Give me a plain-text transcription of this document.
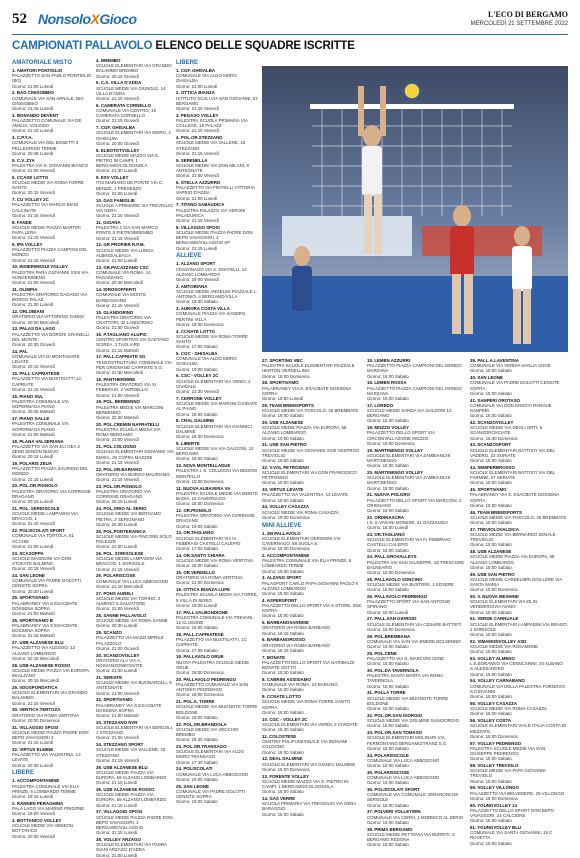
52 NonsoloXGioco	L'ECO DI BERGAMO
MERCOLEDÌ 21 SETTEMBRE 2022
CAMPIONATI PALLAVOLO ELENCO DELLE SQUADRE ISCRITTE
AMATORIALE MISTO
1. AMATORI PONTIGLIO
PALAZZETTO SAN PAOLO PONTIGLIO (BG)
Giorno: 21:00 Lunedì
2. BAG CINISOBBIO
COMUNALE VIA SAN ARNALE, BIG GINISOBBIO
Giorno: 21:15 Lunedì
3. BONANDO DEVENT
PALAZZETTO COMUNALE VIA DE AMICIS, VOLDISO
Giorno: 21:15 Lunedì
4. C.P.T.A.
COMUNALE VIA DEL BOSETTI 3 PELLEGRINO TERME
Giorno: 20:45 Lunedì
5. C.V. ZYA
PALESTRA VIA S. GIOVANNI BIANCO
Giorno: 21:00 Venerdì
6. CCASE LOTTO
SCUOLE MEDIE VIA ROMA TORRE SANTO
Giorno: 20:15 Venerdì
7. CU VOLLEY 2C
PALAZZETTO VIA MARCO BIAGI CALCINATE
Giorno: 21:15 Venerdì
8. FANDE
SCUOLE MEDIE PIAZZA MARTIRI PARA LERA
Giorno: 21:15 Venerdì
9. IPA VOLLEY
PALAZZETTO PIAZZA CAMPONI DEL MONDO
Giorno: 21:15 Venerdì
10. INSIERMISSUI VOLLEY
PALESTRA PARA GIOVANNI XXIII VIA SUNGERIMENO
Giorno: 21:00 Venerdì
11. OLIMPIA
PALESTRA ORATORIO GAGANO VIA BORGO PALAZ
Giorno: 21:30 Lunedì
12. ORLOBIANI
ORATORIO VIA VITTORINO ZADINI
Giorno: 20:00 Mercoledì
13. PALAS DA LAGO
PALAZZETTO VIA BORGHI GRANELLI DEL MONTE
Giorno: 20:30 Giovedì
14. PAL
COMUNALE VIA DI MONTANARE LEUATE
Giorno: 20:15 Venerdì
15. PALL CAPRIATESE
PALAZZETTO VIA BUSTIGATTI 1C CAPRIATE
Giorno: 21:15 Venerdì
16. PIANO SUL
PALESTRA COMUNALE VIA SOPERMAGA PIANO
Giorno: 20:45 Martedì
17. PIANO GALLE
PALESTRA COMUNALE VIA SOPERMAGA PIANO
Giorno: 21:00 Martedì
18. PLANA VALSERIANA
PALAZZETTO VIA SAN ELI GEA 2 ZENO ZENDIN NUEVO
Giorno: 20:15 Lunedì
19. POLARIS ZEUA
PALAZZETTO PIAZZA SAURIGNI DEL MONDO
Giorno: 21:15 Lunedì
20. POL.OR.PIGNOLO
PALESTRA ORATORIO VIA CORRISSE DRAGANO
Giorno: 20:15 Lunedì
21. POL. SERIOSCOLE
SCUOLE MEDIE LAMPADINI VIA BRACCIO, 1
Giorno: 21:15 Venerdì
22. POLISCOLATI SPORT
COMUNALE VIA TORTOLA, 51 OCCHIE
Giorno: 21:00 Lunedì
23. SCASOPPA
SCUOLE MAGNONI VIA DON STOKATE BALMING
Giorno: 20:15 Venerdì
24. SAN LEONE
COMUNALE VIA PADRE DOLOTTI CENSITE SOPRA
Giorno: 20:30 Lunedì
25. SPORTIVAMO
PALABRANEY VIA S ESACBATE DOSSENA SOPRA
Giorno: 21:00 Martedì
26. SPORTIVAMO B
PALABRANEY VIA S ESACBATE DOSSENA SOPRA
Giorno: 21:15 Martedì
27. USB ALZANESE BLU
PALAZZETTO VIA ALESSIO, 12 ALZANO LOMBARDO
Giorno: 20:15 Mercoledì
28. USB ALZANESE ROSSO
SCUOLE MEDIE PIAZZA VIA EUROPA, 59 ALZANO
Giorno: 20:15 Mercoledì
29. VDOSPORDATICA
SCUOLE ELEMENTARI VIA GRANDO BALAMMO
Giorno: 21:15 Venerdì
30. VERTICA TERTOZA
ORATORIO VIA ROMA VERTOVA
Giorno: 20:00 Domenica
31. VILLAGGIO SPOSI
SCUOLE MEDIE PIAZZA PADRE DON BEPO VAVASSORI 2
Giorno: 21:15 Lunedì
32. VIRTUS ELMINE
PALAZZETTO VIA VALENTINA, 13 LEVATE
Giorno: 20:30 Lunedì
LIBERE
1. ACCOMPONTAMINE
PALESTRA COMUNALE VIA ELIA PRINZE, 6 LOMBARDO TERME
Giorno: 19:15 Lunedì
2. RANNEN PERAGHINA
PALA LAGO VIA MARINO PRIDONE
Giorno: 19:00 Venerdì
3. BOTTANICO VOLLEY
SCUOLE MEDIE VIA VENEON BOTTANICO
Giorno: 20:00 Venerdì
4. BREMBO
SCUOLE ELEMENTARI VIA GRANDO BALAMMO BREMBO
Giorno: 20:15 Giovedì
5. C.S. VILLA D'ADDA
SCUOLE MEDIE VIA GIUNGLE, 14 VILLA D'ADDA
Giorno: 21:15 Venerdì
6. CAMERATA CORNELLO
COMUNALE VIA CENTRO, 15 CAMERATA CORNELLO
Giorno: 21:15 Giovedì
7. CGF. GHISALBA
SCUOLE ELEMENTARI VIA MORO, 2 GHISALBA
Giorno: 20:00 Giovedì
8. ELBOTOTVOLLEY
SCUOLE MEDIE MAZZO VIA S. PIETRO IN CAMPI, 1 BERGAMO/COLOGNOLA
Giorno: 21:30 Lunedì
9. ESV VOLLEY
ITIS MARIANO DE PONTE VIA C. BENZZI, 1 PRESEZZO
Giorno: 21:00 Lunedì
10. GAS FAMIGLIE
SCUOLE A PRIMARIE VIA TREVIGLIO VIA GERA
Giorno: 21:15 Venerdì
11. GIOANA
PALESTRA 1 VIA SAN MARCO PONTE S.PIETRO/BREMBO
Giorno: 21:15 Venerdì
12. GR PROFIER R.P.M.
SCUOLE MEDIE VIA LUNGA ALBINO/ALBAGA
Giorno: 21:00 Lunedì
13. GR.PACAZZANO CSC
COMUNALE VIA ROMA, 14 PAGAZZANO
Giorno: 20:45 Mercoledì
14. IDROSOFFERTI
COMUNALE VIA MONTE BARBASSANO
Giorno: 21:15 Venerdì
15. GLANDORINO
PALESTRA ORATORIO VIA CRATTORI, 32 LANDORINO
Giorno: 21:00 Giovedì
16. P.TAGLIANO ALUPIC
CENTRO SPORTIVO VIA GAETANO SCIREA, 1 TAGLIARE
Giorno: 21:15 Martedì
17. PALL.CAPRIATE SG
TENSOSTRUTTURA COMUNALE VIA PER GRIGNANO CAPRIATE S.G.
Giorno: 21:30 Mercoledì
18. PANTHER80RE
PALESTRA ORATORIO VIA XI FEBBRAIO, 2 VERDELLO
Giorno: 21:00 Venerdì
19. POL. BERBENNO
PALESTRA MEDIE VIA MARCONI BERBENNO
Giorno: 20:30 Martedì
20. POL.CREMIN NAFRATELLI
PALESTRA SCUOLA MEDIA VIA ROMA BERGAMO
Giorno: 21:00 Venerdì
21. POL.COLOGNO
SCUOLE ELEMENTARI GIOVANNI VIA EMISA, 29 COPRA MAZZINI
Giorno: 21:15 Venerdì
22. POL.OR.BARIANO
ORATORIO VIA BORGO MAURIANO
Giorno: 21:15 Venerdì
23. POL.OR.PIGNOLO
PALESTRA ORATORIO VIA CORRISSE DRAGANO
Giorno: 20:15 Lunedì
24. POL.ORIO AL SERIO
SCUOLE MEDIE VIA BERGAMO PIETRA, 2 SERIGNANO
Giorno: 20:30 Lunedì
25. POL.PONTERANICA
SCUOLE MEDIE VIA FINCONE SOLO POLEZZE
Giorno: 21:00 Lunedì
26. POL. SORISOLESE
SCUOLE MEDIE LAMPADINI VIA BRACCIO, 1 SORISOLE
Giorno: 21:15 Venerdì
26. POLARISCOSE
COMUNALE VIA LUCA ABBOGGNO
Giorno: 21:15 Mercoledì
27. PONS AURELI
SCUOLE MEDIE VIA TORINO, 2 ALMENO S.SALVATORE
Giorno: 21:00 Venerdì
28. SANNE PALLAVOLO
SCUOLE MEDIE VIA ROMA SANNE
Giorno: 20:30 Lunedì
29. SCANZO
PALAZZETTO VIA MAZZI MPRILE PALAZZOLO
Giorno: 21:00 Giovedì
30. SCANZOVOLLEY
ORATORIO ALA VIA A. NOSVANZONEOSVITE
Giorno: 21:30 Lunedì
31. SERIATE
SCUOLE MEDIE VIA BUONAROLLI, 8 ANTEGNATE
Giorno: 21:00 Venerdì
32. SPORTIVAMO
PALABRANEY VIA S ESACBATE DOSSENA SOPRA
Giorno: 21:00 Martedì
33. STEZZANO NVH
SCUOLE ELEMENTARI VIA BERGOLI, 1 STEZZANO
Giorno: 21:00 Venerdì
34. STEZZANO SPORT
SCUOLE MEDIE VIA VALLENE, 23 STEZZANO
Giorno: 21:15 Venerdì
35. USB ALZANESE BLU
SCUOLE MEDIE PIAZZA VIA EUROPA, 59 ALZANO LOMBARDO
Giorno: 21:15 Lunedì
36. USB ALZANESE ROSSO
SCUOLE MEDIE PIAZZA VIA EUROPA, 59 ALZANO LOMBARDO
Giorno: 21:15 Lunedì
37. VILLAGGIO SPOSI
SCUOLE MEDIE PIAZZA PADRE DON BEPO VAVASSORI, 2 BERGAMO/VILLAGGIO
Giorno: 21:15 Lunedì
38. VOLLEY ARZAGO
SCUOLE ELEMENTARI VIA PADRA GIANI ARZAGO D'ADDA
Giorno: 21:00 Lunedì
LIBERE
1. CGF. GHISALBA
COMUNALE VIA ALDO MORO GHISALBA
Giorno: 21:00 Lunedì
2. OTTICA BIANZA
ISTITUTO SCALI VIA SAN GIOVANNI, 57 BERGAMO
Giorno: 21:15 Venerdì
3. PEGASO VOLLEY
PALESTRA SCUOLA PRIMARIA VIA COLLEGE, 15 PALAZZ
Giorno: 21:15 Venerdì
4. POL.OR.STEZZANO
SCUOLE MEDIE VIA VALLENE, 23 STEZZANO
Giorno: 21:15 Venerdì
5. SERENELLA
SCUOLE MEDIE VIA DON MILANI, 8 ANTEGNATE
Giorno: 21:00 Venerdì
6. STELLA AZZURRO
PALAZZETTO VIA FRATELLI VITTORIA VAPRIO D'ADDA
Giorno: 21:00 Lunedì
7. TITANO SABAUDICA
PALESTRA PALAZZO VIA VERONI PALADURICA
Giorno: 21:15 Venerdì
8. VILLAGGIO SPOSI
SCUOLE MEDIE PIAZZA PADRE DON BEPO VAVASSORI, 2 BERGAMO/VILLAGGIO SP
Giorno: 21:15 Lunedì
ALLIEVE
1. ALZANO SPORT
CESSANAGO VIA S. DOATELLI, 14 ALZANO LOMBARDO
Giorno: 19:00 Venerdì
2. AMTOBIANA
SCUOLE MEDIE ANGELINI PIAZZALE L. ANTONIO, 4 BERGAMO/VILLA
Giorno: 19:00 Sabato
3. AURORA COSTA VILLA
COMUNALE PIAZZA VIA SANDRO PERTINI VILLA
Giorno: 18:00 Domenica
4. CCNATE LOTTO
SCUOLE MEDIE VIA ROMA TORRE SANTO
Giorno: 17:00 Sabato
5. CGC - GHISALBA
COMUNALE VIA ALDO MORO GHISALBA
Giorno: 19:00 Sabato
6. CSC - VOLLEY 2C
SCUOLE ELEMENTARI VIA VERDI, 2 CIVIDALE
Giorno: 21:30 Venerdì
7. CERRONE VOLLEY
SCUOLE MEDIE VIA MARONI CIVIDATE AL PIANO
Giorno: 18:00 Sabato
8. CRAL DALMINE
SCUOLE ELEMENTARI VIA GIANNICI DALMINE
Giorno: 18:30 Domenica
9. LIBERTE
SCUOLE MEDIE VIA VIA GALDONI, 12 BERGAMO
Giorno: 18:00 Sabato
10. NOVA MONTELLADUE
PALESTRA I. S. COLLEONI VIA BEDONI MONTELLO
Giorno: 10:00 Domenica
11. NUOVA ALBAVERA VA
PALESTRA SCUOLE MEDIE VIA MONTE BADIA, 10 CAVERNAGO
Giorno: 18:00 Domenica
12. OR.PIGNOLO
PALESTRA ORATORIO VIA CORRISSE DRAGANO
Giorno: 19:00 Sabato
13. OR.TAGLIANO
SCUOLE ELEMENTARI VIA IV FEBBRAIO CASTELLI CALEPIO
Giorno: 17:00 Sabato
14. OR.SANTO CHIARA
SCUOLE MEDIE VIA ROMA VERTOVA
Giorno: 18:00 Sabato
15. OR.VERDELLO
ORATORIO VIA ROMA VERTOVA
Giorno: 21:00 Domenica
16. OTTICA BIANZA LUPE
PALESTRA SCUOLA MEDIA VIA TORRE, 5 VILLA DI SERIO
Giorno: 19:00 Lunedì
17. PALL.VALBONDIONE
PALESTRA COMUNALE VIA TREVANI, 12 CLUSONE
Giorno: 19:00 Sabato
18. PALL.CAPRIATESE
PALAZZETTO VIA BUSTIGATTI, 1C CAPRIATE
Giorno: 17:00 Sabato
19. PALLAVOLO GRUE
NUOVA PALESTRA SCUOLE MEDIE GRUE
Giorno: 18:00 Domenica
20. PALLAVOLO PEDRENGO
PALAZZETTO COMUNALE VIA SAN ANTONIO PEDRENGO
Giorno: 18:00 Domenica
21. POL.A. TORRE
SCUOLE MEDIE VIA MUGNOTE TORRE BOLDONE
Giorno: 19:00 Sabato
22. POL.OR.BRANDOLA
SCUOLE MEDIE VIA VECCHIO BREMBO
Giorno: 18:30 Sabato
23. POL.OR.TRANSAGO
SCUOLE ELEMENTARI VIA ALDO MORO TRANSAGO
Giorno: 17:30 Sabato
24. POLISCOLATI
COMUNALE VIA LUCA ABBOGGNO
Giorno: 18:00 Sabato
25. SAN LEONE
COMUNALE VIA PADRE DOLOTTI CENSITE SOPRA
Giorno: 19:00 Sabato
27. SPORTING VBC
PALESTRA SCUOLE ELEMENTARI PIAZZALE HERTON VERDELLINO
Giorno: 16:00 Domenica
28. SPORTIVAMO
PALABRANEY VIA S. ESACBATE DOSSENA SOPRA
Giorno: 19:00 Lunedì
29. TEAM BREMSPORTS
SCUOLE MEDIE VIA FOSCOLO, 25 BREMBATE
Giorno: 19:00 Sabato
30. USB ALZANESE
SCUOLE MEDIE PIAZZA VIA EUROPA, 59 ALZANO LOMBARDO
Giorno: 10:00 Sabato
31. USB SAN PIETRO
SCUOLE MEDIE VIA GIOVANNI XXIII VESPROO TREVIGLIO
Giorno: 19:00 Sabato
32. V.VOL PETROSINO
SCUOLE ELEMENTARI VIA DON FRANCESCO PETROSINO
Giorno: 19:00 Sabato
33. VIRTUS LEVATE
PALAZZETTO VIA VALENTINA, 13 LEVATE
Giorno: 18:00 Sabato
34. VOLLEY CASAZZA
SCUOLE MEDIE VIA ROMA CASAZZA
Giorno: 19:00 Domenica
MINI ALLIEVE
1. 2M PALLAVOLO
SCUOLE ELEMENTARI GEROMINI VIA CAVERNAGO, 58 SUOLA S.
Giorno: 15:00 Domenica
2. ACCOMPONTAMINE
PALESTRA COMUNALE VIA ELIA PRINZE, 6 LOMBARDO TERME
Giorno: 15:30 Sabato
3. ALZANO SPORT
PALASPORT CARLO PAPA GIOVANNI PAOLO II ALZANO LOMBARDO
Giorno: 15:00 Sabato
4. ASPERSPORT
PALAZZETTO DELLO SPORT VIA S STORE, SNC SOPRA
Giorno: 15:00 Sabato
5. BARBANOSANNISE
ORATORIO VIA ROMA BARBANO
Giorno: 16:15 Sabato
6. BARBANOROSSO
ORATORIO VIA ROMA BARBANO
Giorno: 16:15 Sabato
7. BONATE
PALAZZETTO DELLO SPORT VIA GARIBALDI BONATE SOTTO
Giorno: 15:30 Sabato
8. CABRINI ASSISIAMO
COMUNALE VIA ROMA, 24 BARIANO
Giorno: 15:00 Sabato
9. CCNATE LOTTO
SCUOLE MEDIE VIA ROMA TORRE SANTO SOPRA
Giorno: 15:00 Sabato
10. CGC - VOLLEY 2C
SCUOLE ELEMENTARI VIA VERDI, 2 CIVIDATE
Giorno: 16:30 Sabato
11. COLOSTESE
CENTRO POLIFUNZIONALE VIA BIGNAMI COLOGNO
Giorno: 16:00 Sabato
12. DEAL DALMINE
SCUOLE ELEMENTARI VIA GIANICI DALMINE
Giorno: 15:00 Domenica
13. FORENTE VOLLEY
SCUOLE MEDIE MAZZO VIA S. PIETRO IN CAMPI, 1 BERGAMO/COLOGNOLA
Giorno: 15:00 Sabato
14. GAS VERRE
SCUOLA PRIMARIA VIA TREVIGLIO VIA GERA BARAGGIO
Giorno: 15:00 Sabato
15. LEMEN AZZURRI
PALAZZETTO PIAZZA CAMPIONI DEL MONDO MARZANA
Giorno: 15:00 Sabato
16. LEMEN ROSSA
PALAZZETTO PIAZZA CAMPIONI DEL MONDO MARZANA
Giorno: 15:00 Sabato
17. LOREDO
SCUOLE MEDIE SANDA VIA GALDONI 12 BERGAMO
Giorno: 15:30 Sabato
18. MOZZO VOLLEY
PALAZZETTO DELLO SPORT VIA CIRCONVALLAZIONE MOZZO
Giorno: 15:00 Domenica
19. MARTINENGO VOLLEY
SCUOLE ELEMENTARI VIA ZAMBIANCHI MARTINENGO
Giorno: 15:00 Sabato
20. MARTINENGO VOLLEY
SCUOLE ELEMENTARI VIA ZAMBIANCHI MARTINENGO
Giorno: 15:00 Sabato
21. NUOVA POLGRO
PALAZZETTO DELLO SPORT VIA MARCONI, 2 GRIGNANO
Giorno: 15:00 Sabato
22. ORDINASCRA
I.S. S.VIVIANI MONZINI, 41 GAZZANIGA
Giorno: 15:00 Lunedì
23. OR.TAGLIANO
SCUOLE ELEMENTARI VIA IV FEBBRAIO CASTELLI CALEPIO
Giorno: 15:00 Sabato
24. PALL.GROVALLEYS
PALESTRA VIA SAN GIUSEPPE, 18 TRESCORE BALNEARIO
Giorno: 15:00 Domenica
25. PALLAVOLO SONCINO
SCUOLE MEDIE VIA BUSTIERI, 1 SOVERE
Giorno: 15:00 Sabato
26. PALLAVOLO PEDRENGO
PALAZZETTO SPORT VIA SAN ANTONIO SPIRANO
Giorno: 15:00 Lunedì
27. PALL.SAN GIORGIO
SCUOLE ELEMENTARI VIA CESARE BATTISTI
Giorno: 15:00 Domenica
28. POL.BREMBANA
COMUNALE VIA SAN VIA EMERE BOLSENNO
Giorno: 15:00 Sabato
29. POL.CENE
PALAZZETTO VIA G. MARCONI CENE
Giorno: 15:00 Sabato
30. POL.DA TAVERNOLA
PALESTRA SANTA MARTA VIA ROMA TAVERNOLA
Giorno: 15:00 Sabato
31. POLLA TORRE
SCUOLE MEDIE VIA MUGNOTE TORRE BOLDONE
Giorno: 15:00 Sabato
32. POL.OR.SAN GIORGIO
SCUOLE MEDIE VIA DOLMINE SANGIORGIO
Giorno: 15:00 Sabato
33. POL.OR.SAN TOMASO
SCUOLE ELEMENTARI MOLINARI VIA FERMONTANO BERGAMO/TRANZ S.G.
Giorno: 15:00 Sabato
34. POLARISSCOLE
COMUNALE VIA LUCA ABBOGGNO
Giorno: 15:00 Sabato
35. POLARISSCOSE
COMUNALE VIA LUCA ABBOGGNO
Giorno: 15:00 Sabato
36. POLISCOLATI SPORT
COMUNALE VIA COMUNALE VERANONCHE SERGOLE
Giorno: 15:00 Sabato
37. POLVERI VOLLEYWIN
COMUNALE VIA CERNI, 1 MORNICO AL SERIO
Giorno: 15:00 Sabato
38. PRIMA BERGAMO
SCUOLE MEDIE PETTOVIA VIA BURRITI, 2 BERGAMO REDONA
Giorno: 15:00 Sabato
39. PALL.A.LAVENTINA
COMUNALE VIA VERDIA VAGLIA SOGE
Giorno: 15:00 Sabato
40. SAN LEONE
COMUNALE VIA PADRE DOLOTTI CENSITE SOPRA
Giorno: 15:00 Sabato
41. SANPERI OROTASO
COMUNALE VIA DON ERSOVI RANGUE SANPERI
Giorno: 15:00 Sabato
42. SCANZOVOLLEY
SCUOLE MEDIE VIA DEGLI ORTI, 5 SCANZOROSCIATE
Giorno: 15:30 Domenica
43. SCANZOSPORT
SCUOLE ELEMENTARI BATTISTI VIA DEL VADERG, 22 SORIATE
Giorno: 15:00 Sabato
44. SEMPERBROSSO
SCUOLE ELEMENTARI BATTISTI VIA DEL FARMNE, 27 SERIATE
Giorno: 15:00 Sabato
45. SPORTIVAMO
PALABRANEY VIA S. ESACBATE DOSSENA SOPRA
Giorno: 15:00 Sabato
46. TEAM BREMSPORTS
SCUOLE MEDIE VIA FOSCOLO, 25 BREMBATE
Giorno: 15:00 Sabato
47. TREVIOLOVALDICA
SCUOLE MEDIE VIA BERNARDO ZENALE TREVIGLIO
Giorno: 15:00 Sabato
48. USB ALZANESE
SCUOLE MEDIE PIAZZA VIA EUROPA, 59 ALZANO LOMBARDO
Giorno: 15:00 Sabato
49. USB SAN PIETRO
SCUOLE MEDIE CARDELIBRI GIOLLERE VIA SANTA MARIA
Giorno: 15:00 Domenica
50. V. NUOVA MESHINE
SCUOLE ELEMENTARI VIA ZILIN VERDIERO/VIA IVANO
Giorno: 15:00 Sabato
51. VERDE CARNUALE
SCUOLE ELEMENTARI LAMPADINI VIA BRAOO, 1 SORISOLE
Giorno: 15:00 Sabato
52. VIMAMONVOLLEY ASD
SCUOLE MEDIE VIA ROSAMONE
Giorno: 15:00 Sabato
53. VOLLEY ALMENO
L.S.BONANNO VIA CENNCARINI, 20 ALBANO S.ALESSANDRO
Giorno: 15:00 Sabato
54. VOLLEY CARNABANO
COMUNALE VIA DELLA PALESTRA FORNOVO S.GIOVANNI
Giorno: 15:00 Sabato
55. VOLLEY CASAZZA
SCUOLE MEDIE VIA ROMA CASAZZA
Giorno: 15:00 Sabato
56. VOLLEY COSTA
SCUOLE ELEMENTARI VIALE ITALIA COSTA DI MEZZATE
Giorno: 15:00 Domenica
57. VOLLEY PEDRENGO
PALESTRA SCUOLE MEDIE VIA SAN GIUSEPPE PEDRENGO
Giorno: 15:00 Sabato
58. VOLLEY TREVIOLO
SCUOLE MEDIE VIA PAPA GIOVANNI TREVIOLO
Giorno: 15:00 Sabato
59. VOLLEY VILLONGO
PALAZZETTO VIA BELVEDERE, 29 VILLONGO
Giorno: 15:00 Domenica
60. YOUNGVOLLEY 14
PALAZZETTO DELLO SPORT DON BEPO VAVASSORI, 24 CALCIONE
Giorno: 15:00 Sabato
61. YOUNGVOLLEY BLU
COMUNALE VIA SANTA GIOVANNI, 15 C ROVETTA
Giorno: 15:00 Sabato
